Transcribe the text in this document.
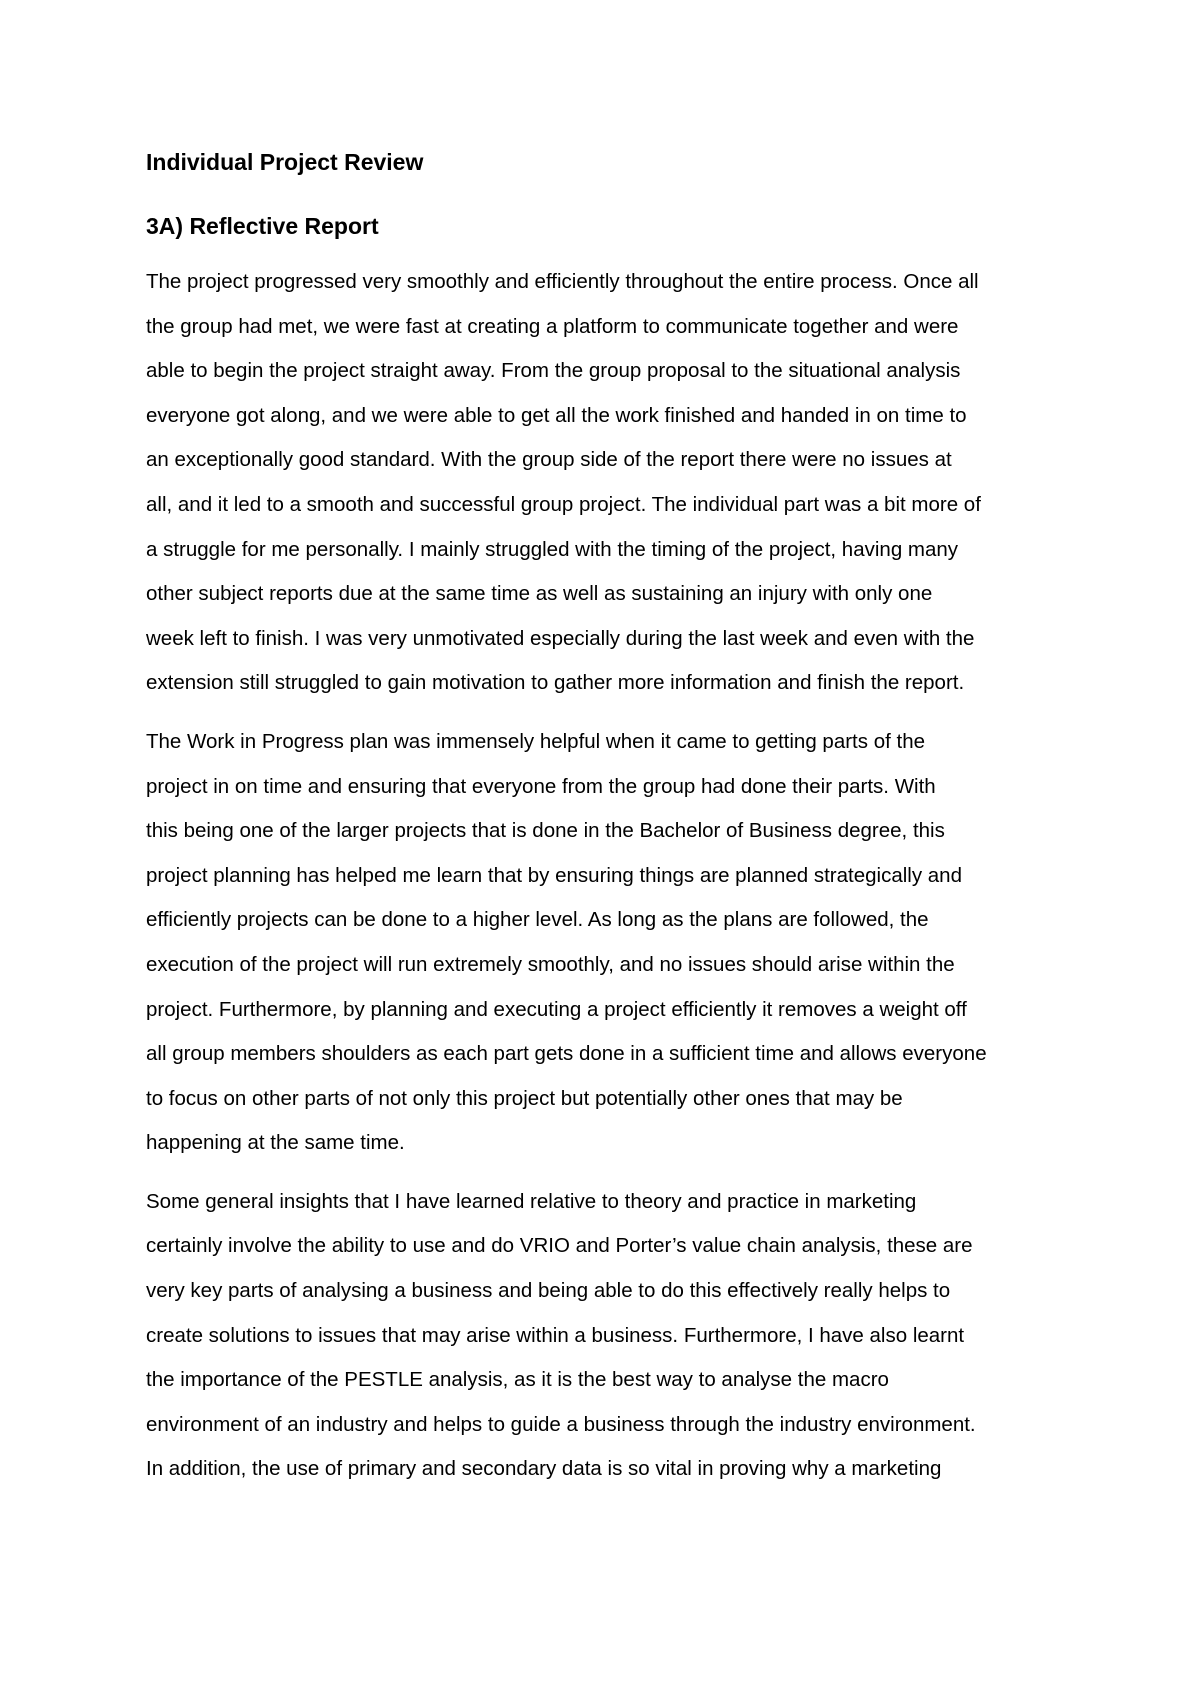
Individual Project Review
3A) Reflective Report

The project progressed very smoothly and efficiently throughout the entire process. Once all
the group had met, we were fast at creating a platform to communicate together and were
able to begin the project straight away. From the group proposal to the situational analysis
everyone got along, and we were able to get all the work finished and handed in on time to
an exceptionally good standard. With the group side of the report there were no issues at
all, and it led to a smooth and successful group project. The individual part was a bit more of
a struggle for me personally. I mainly struggled with the timing of the project, having many
other subject reports due at the same time as well as sustaining an injury with only one
week left to finish. I was very unmotivated especially during the last week and even with the
extension still struggled to gain motivation to gather more information and finish the report.

The Work in Progress plan was immensely helpful when it came to getting parts of the
project in on time and ensuring that everyone from the group had done their parts. With
this being one of the larger projects that is done in the Bachelor of Business degree, this
project planning has helped me learn that by ensuring things are planned strategically and
efficiently projects can be done to a higher level. As long as the plans are followed, the
execution of the project will run extremely smoothly, and no issues should arise within the
project. Furthermore, by planning and executing a project efficiently it removes a weight off
all group members shoulders as each part gets done in a sufficient time and allows everyone
to focus on other parts of not only this project but potentially other ones that may be
happening at the same time.

Some general insights that I have learned relative to theory and practice in marketing
certainly involve the ability to use and do VRIO and Porter’s value chain analysis, these are
very key parts of analysing a business and being able to do this effectively really helps to
create solutions to issues that may arise within a business. Furthermore, I have also learnt
the importance of the PESTLE analysis, as it is the best way to analyse the macro
environment of an industry and helps to guide a business through the industry environment.
In addition, the use of primary and secondary data is so vital in proving why a marketing
